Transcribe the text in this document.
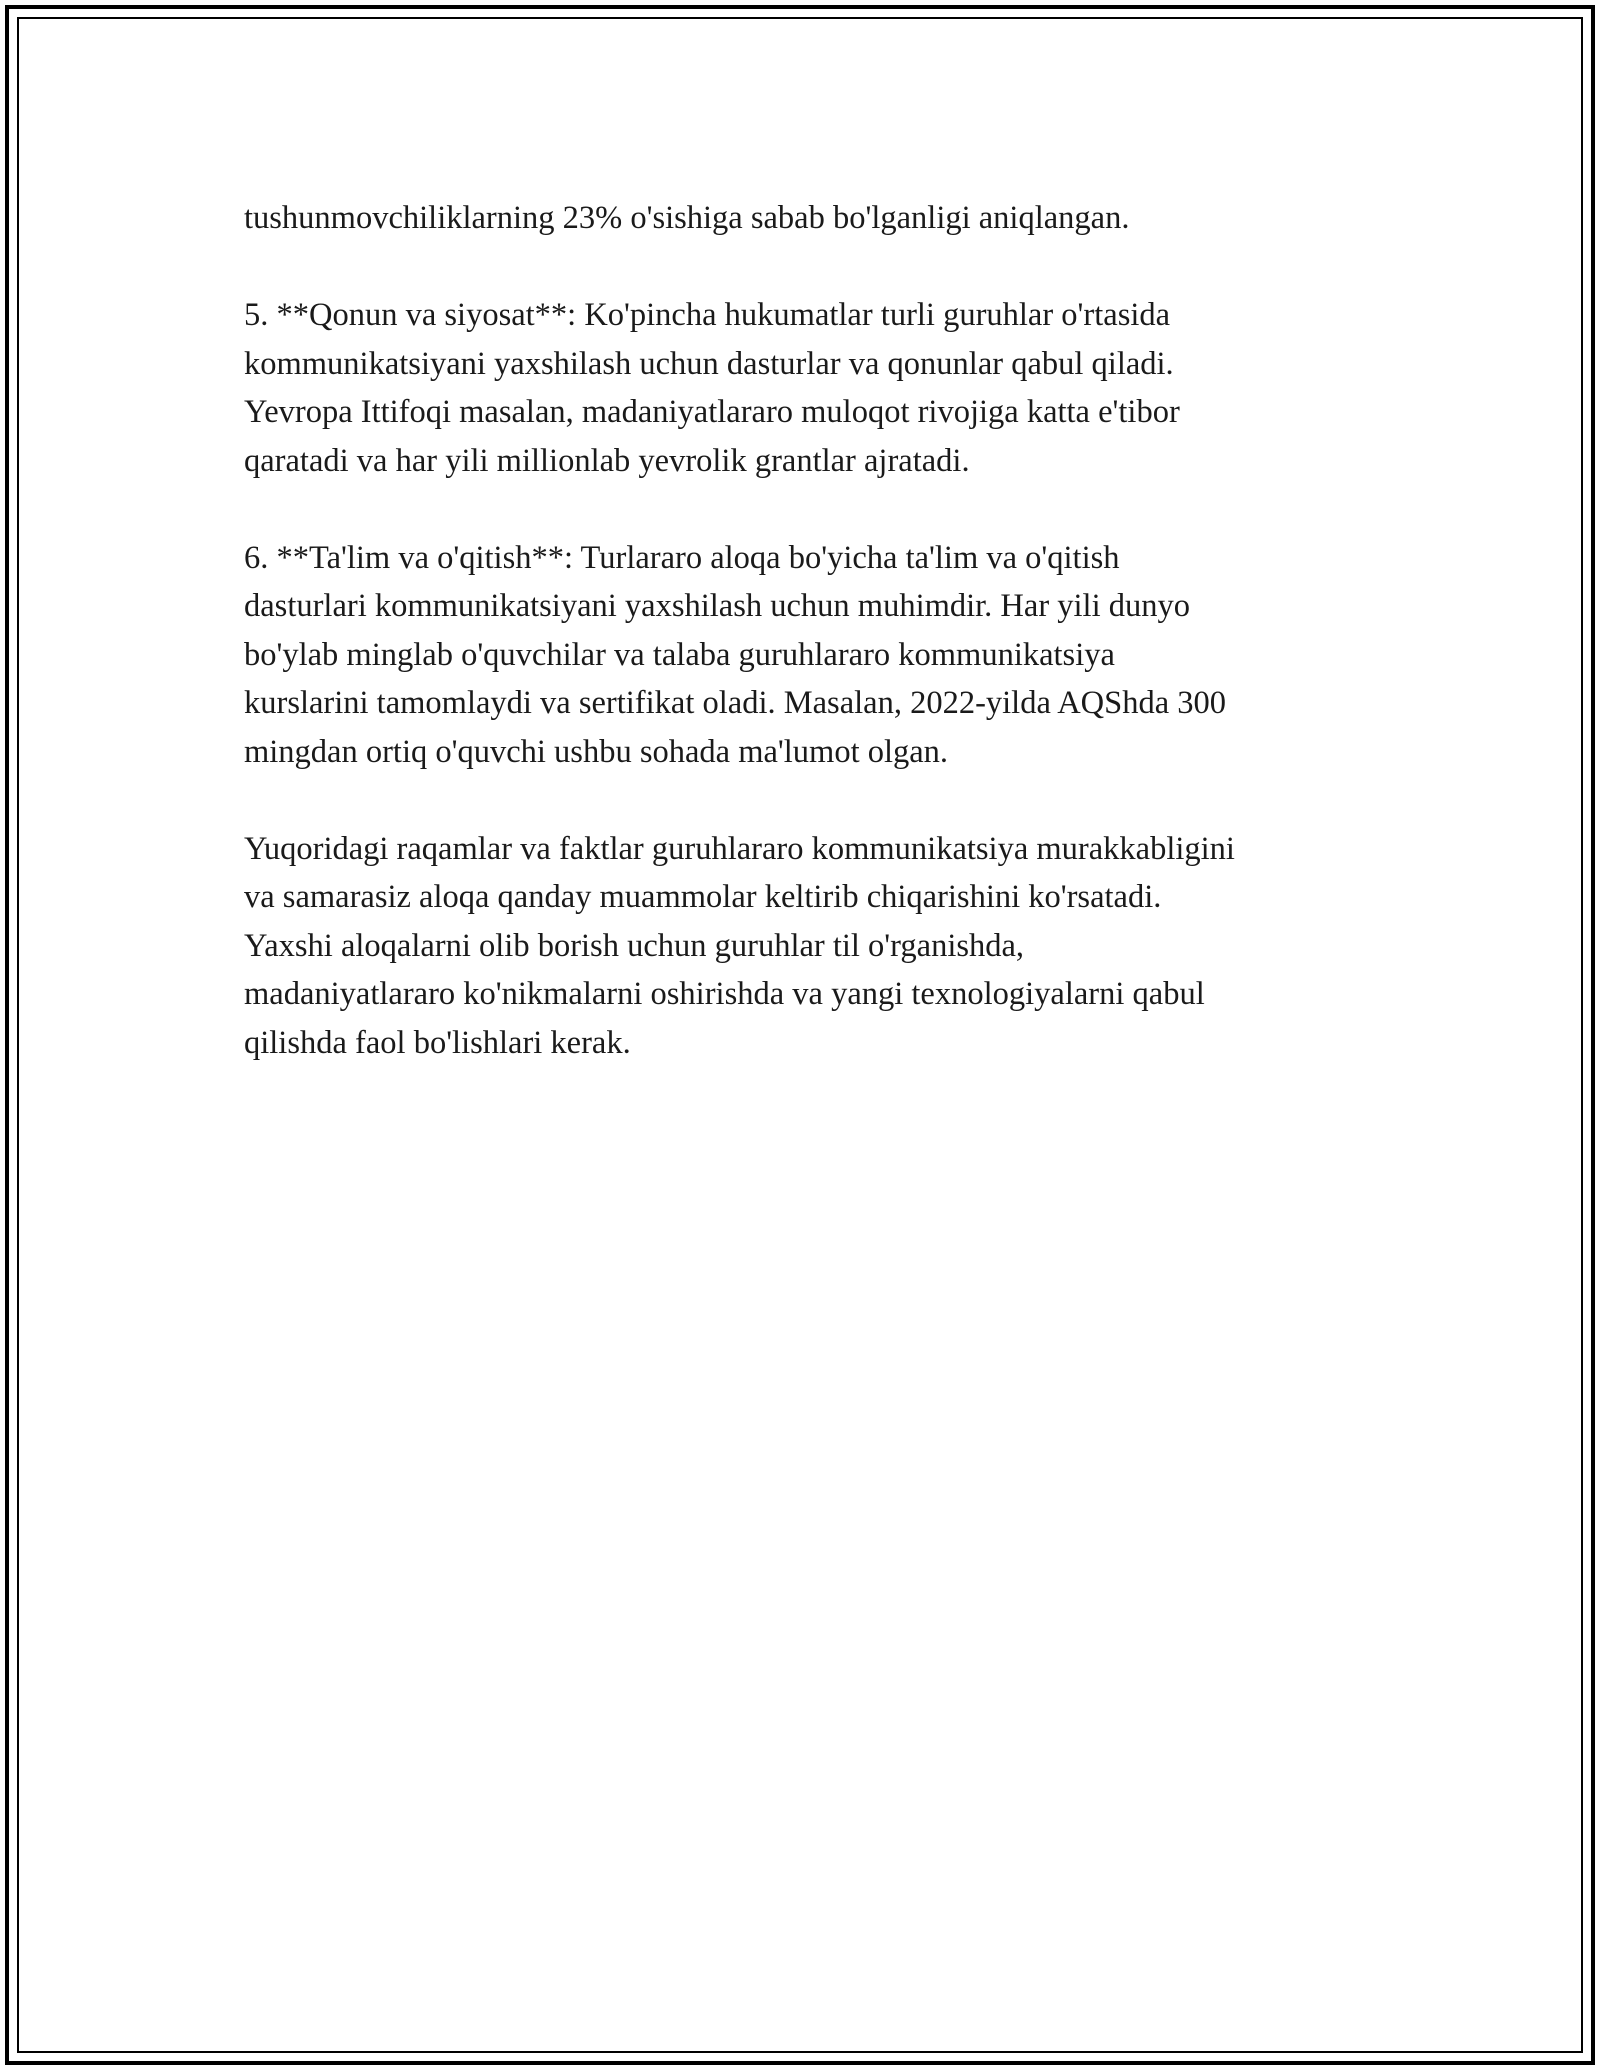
tushunmovchiliklarning 23% o'sishiga sabab bo'lganligi aniqlangan.

5. **Qonun va siyosat**: Ko'pincha hukumatlar turli guruhlar o'rtasida
kommunikatsiyani yaxshilash uchun dasturlar va qonunlar qabul qiladi.
Yevropa Ittifoqi masalan, madaniyatlararo muloqot rivojiga katta e'tibor
qaratadi va har yili millionlab yevrolik grantlar ajratadi.

6. **Ta'lim va o'qitish**: Turlararo aloqa bo'yicha ta'lim va o'qitish
dasturlari kommunikatsiyani yaxshilash uchun muhimdir. Har yili dunyo
bo'ylab minglab o'quvchilar va talaba guruhlararo kommunikatsiya
kurslarini tamomlaydi va sertifikat oladi. Masalan, 2022-yilda AQShda 300
mingdan ortiq o'quvchi ushbu sohada ma'lumot olgan.

Yuqoridagi raqamlar va faktlar guruhlararo kommunikatsiya murakkabligini
va samarasiz aloqa qanday muammolar keltirib chiqarishini ko'rsatadi.
Yaxshi aloqalarni olib borish uchun guruhlar til o'rganishda,
madaniyatlararo ko'nikmalarni oshirishda va yangi texnologiyalarni qabul
qilishda faol bo'lishlari kerak.
